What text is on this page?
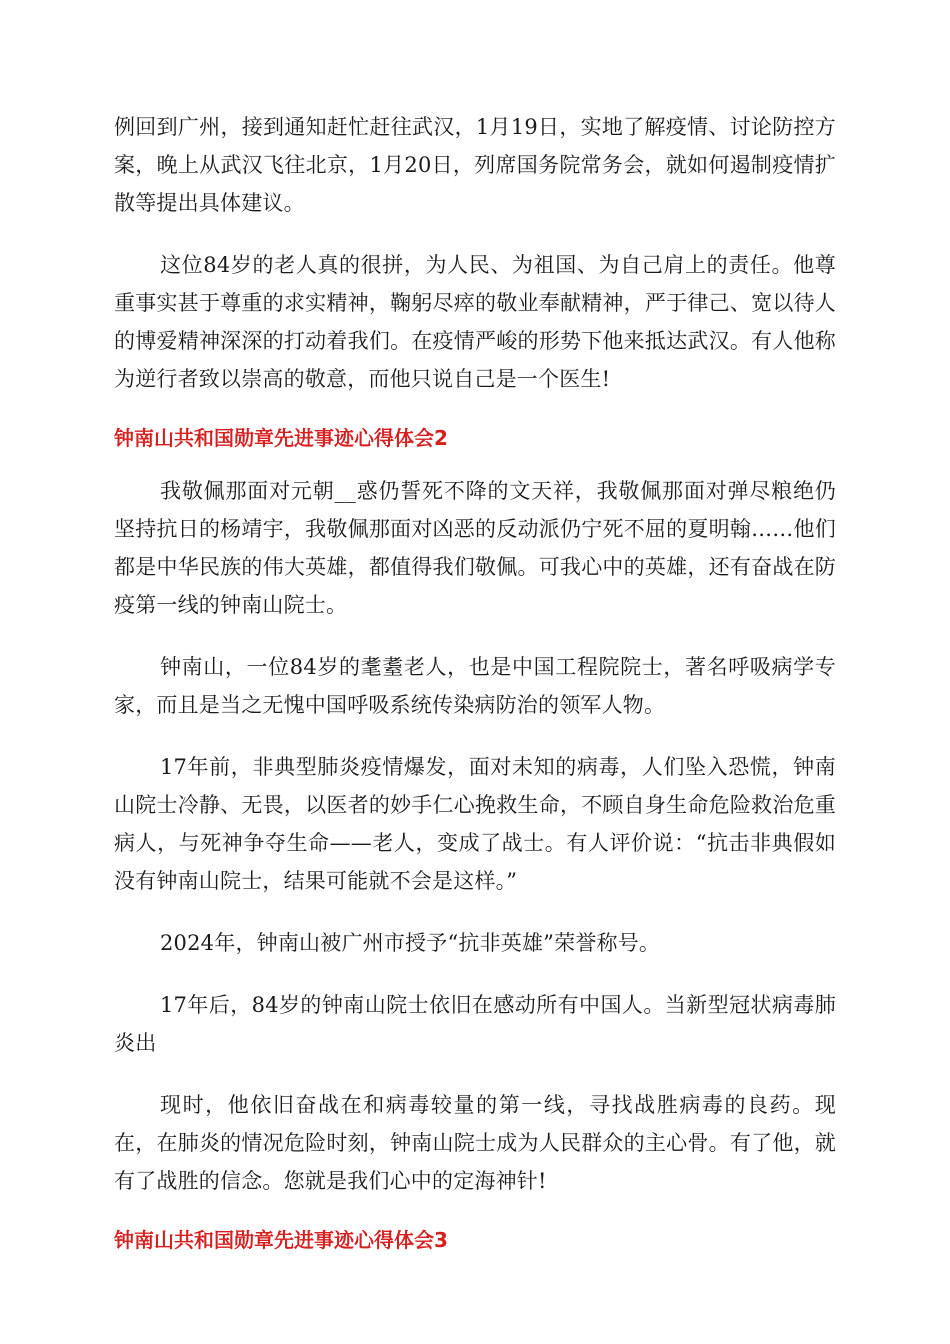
例回到广州，接到通知赶忙赶往武汉，1月19日，实地了解疫情、讨论防控方案，晚上从武汉飞往北京，1月20日，列席国务院常务会，就如何遏制疫情扩散等提出具体建议。

这位84岁的老人真的很拼，为人民、为祖国、为自己肩上的责任。他尊重事实甚于尊重的求实精神，鞠躬尽瘁的敬业奉献精神，严于律己、宽以待人的博爱精神深深的打动着我们。在疫情严峻的形势下他来抵达武汉。有人他称为逆行者致以崇高的敬意，而他只说自己是一个医生!

钟南山共和国勋章先进事迹心得体会2

我敬佩那面对元朝__惑仍誓死不降的文天祥，我敬佩那面对弹尽粮绝仍坚持抗日的杨靖宇，我敬佩那面对凶恶的反动派仍宁死不屈的夏明翰……他们都是中华民族的伟大英雄，都值得我们敬佩。可我心中的英雄，还有奋战在防疫第一线的钟南山院士。

钟南山，一位84岁的耄耋老人，也是中国工程院院士，著名呼吸病学专家，而且是当之无愧中国呼吸系统传染病防治的领军人物。

17年前，非典型肺炎疫情爆发，面对未知的病毒，人们坠入恐慌，钟南山院士冷静、无畏，以医者的妙手仁心挽救生命，不顾自身生命危险救治危重病人，与死神争夺生命——老人，变成了战士。有人评价说：“抗击非典假如没有钟南山院士，结果可能就不会是这样。”

2024年，钟南山被广州市授予“抗非英雄”荣誉称号。

17年后，84岁的钟南山院士依旧在感动所有中国人。当新型冠状病毒肺炎出

现时，他依旧奋战在和病毒较量的第一线，寻找战胜病毒的良药。现在，在肺炎的情况危险时刻，钟南山院士成为人民群众的主心骨。有了他，就有了战胜的信念。您就是我们心中的定海神针!

钟南山共和国勋章先进事迹心得体会3
